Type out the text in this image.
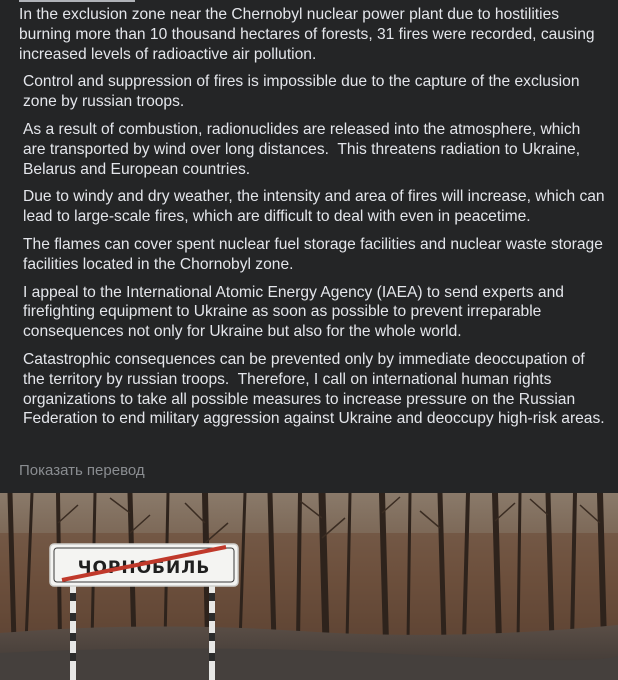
In the exclusion zone near the Chernobyl nuclear power plant due to hostilities burning more than 10 thousand hectares of forests, 31 fires were recorded, causing increased levels of radioactive air pollution.

Control and suppression of fires is impossible due to the capture of the exclusion zone by russian troops.

As a result of combustion, radionuclides are released into the atmosphere, which are transported by wind over long distances.  This threatens radiation to Ukraine, Belarus and European countries.

Due to windy and dry weather, the intensity and area of fires will increase, which can lead to large-scale fires, which are difficult to deal with even in peacetime.

The flames can cover spent nuclear fuel storage facilities and nuclear waste storage facilities located in the Chornobyl zone.

I appeal to the International Atomic Energy Agency (IAEA) to send experts and firefighting equipment to Ukraine as soon as possible to prevent irreparable consequences not only for Ukraine but also for the whole world.

Catastrophic consequences can be prevented only by immediate deoccupation of the territory by russian troops.  Therefore, I call on international human rights organizations to take all possible measures to increase pressure on the Russian Federation to end military aggression against Ukraine and deoccupy high-risk areas.

Показать перевод
ЧОРНОБИЛЬ
